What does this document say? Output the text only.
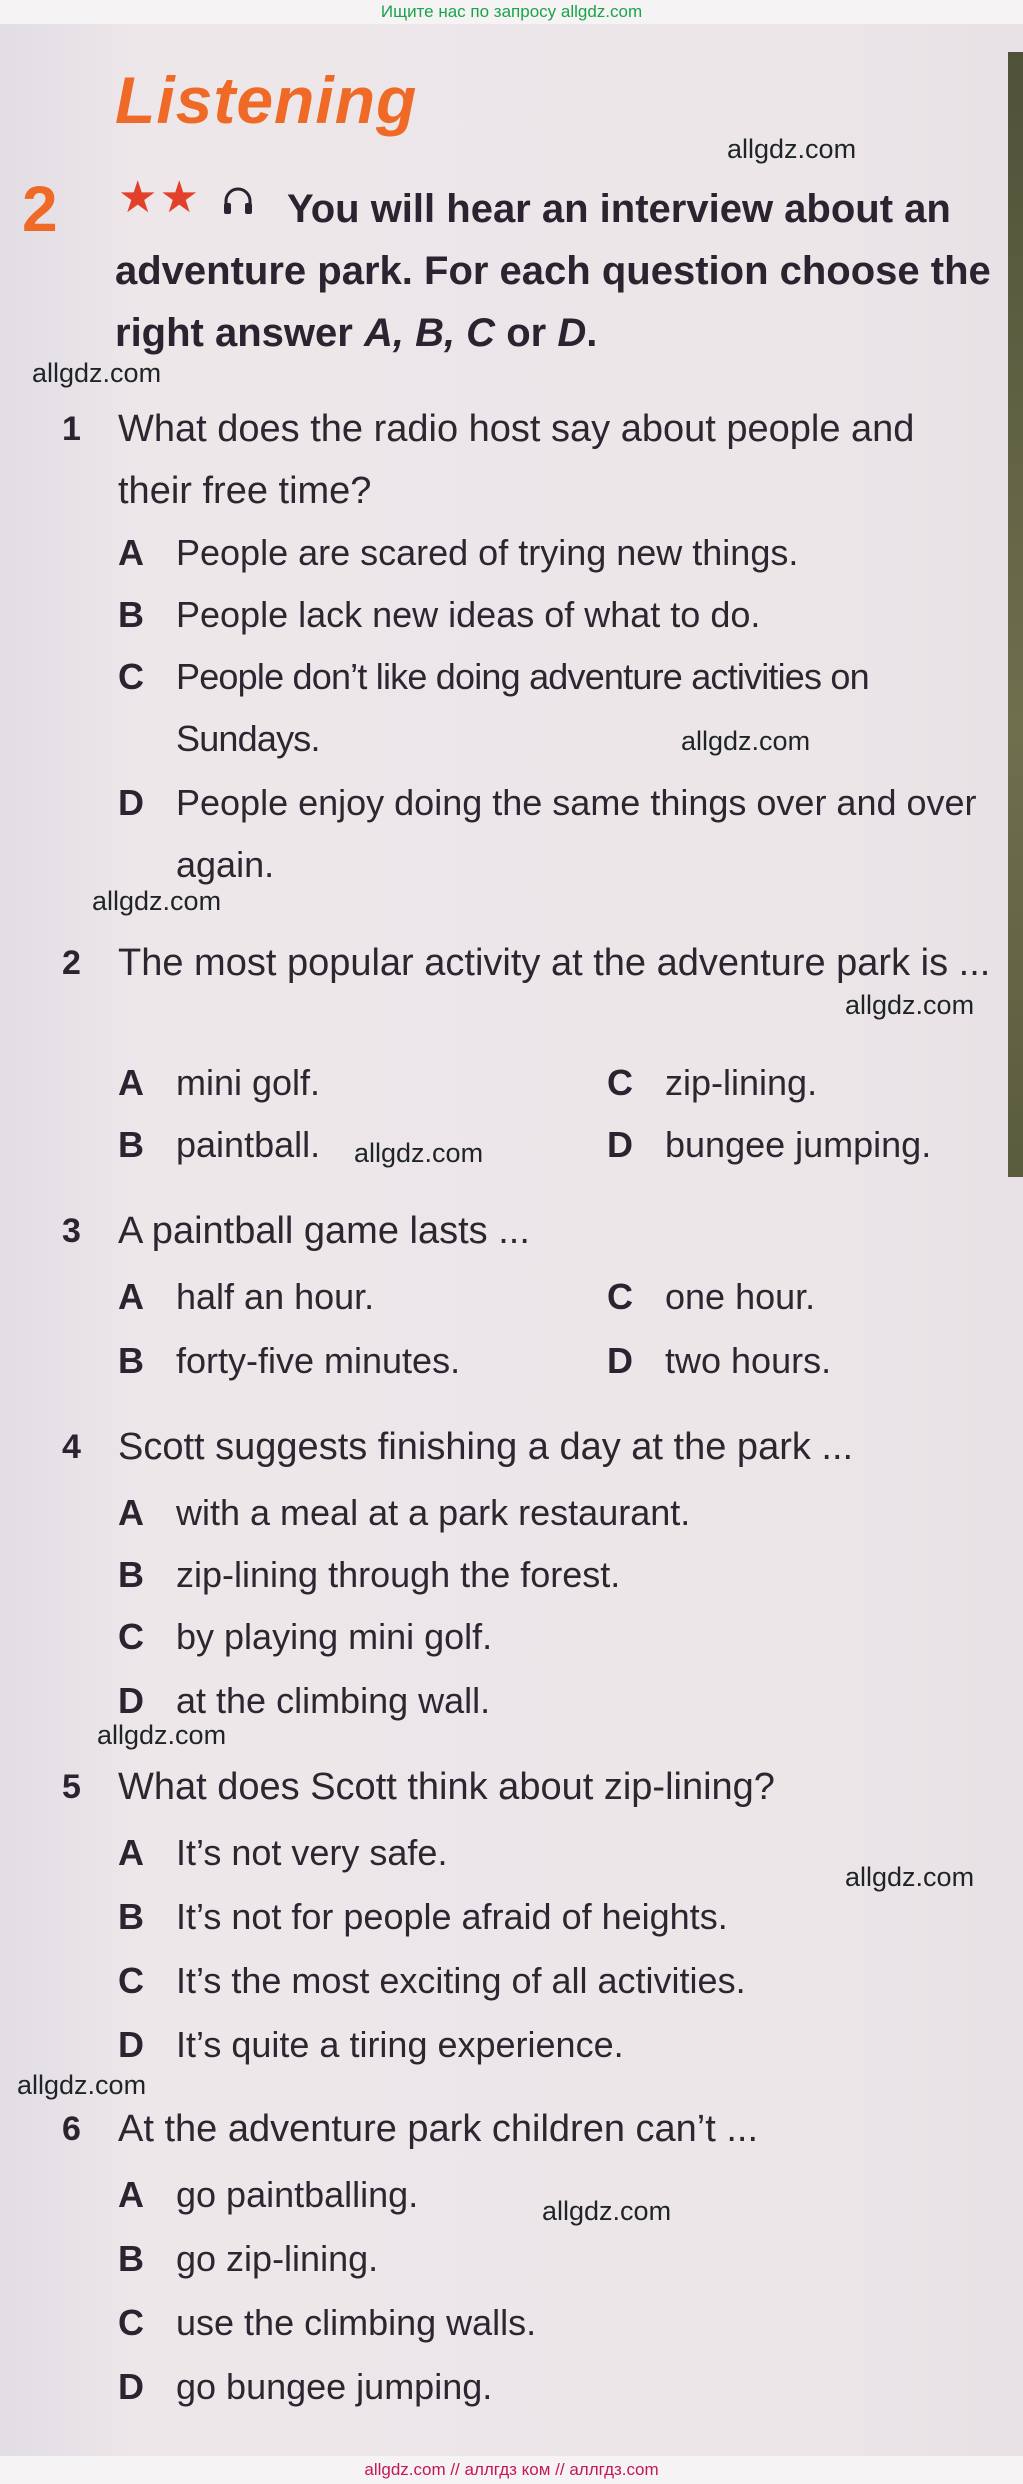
Ищите нас по запросу allgdz.com
Listening
2 ★★	You will hear an interview about an adventure park. For each question choose the right answer A, B, C or D.
1 What does the radio host say about people and their free time?
A People are scared of trying new things.
B People lack new ideas of what to do.
C People don’t like doing adventure activities on Sundays.
D People enjoy doing the same things over and over again.
2 The most popular activity at the adventure park is ...
A mini golf.
B paintball.
C zip-lining.
D bungee jumping.
3 A paintball game lasts ...
A half an hour.
B forty-five minutes.
C one hour.
D two hours.
4 Scott suggests finishing a day at the park ...
A with a meal at a park restaurant.
B zip-lining through the forest.
C by playing mini golf.
D at the climbing wall.
5 What does Scott think about zip-lining?
A It’s not very safe.
B It’s not for people afraid of heights.
C It’s the most exciting of all activities.
D It’s quite a tiring experience.
6 At the adventure park children can’t ...
A go paintballing.
B go zip-lining.
C use the climbing walls.
D go bungee jumping.
allgdz.com
allgdz.com
allgdz.com
allgdz.com
allgdz.com
allgdz.com
allgdz.com
allgdz.com
allgdz.com
allgdz.com
allgdz.com // аллгдз ком // аллгдз.com
